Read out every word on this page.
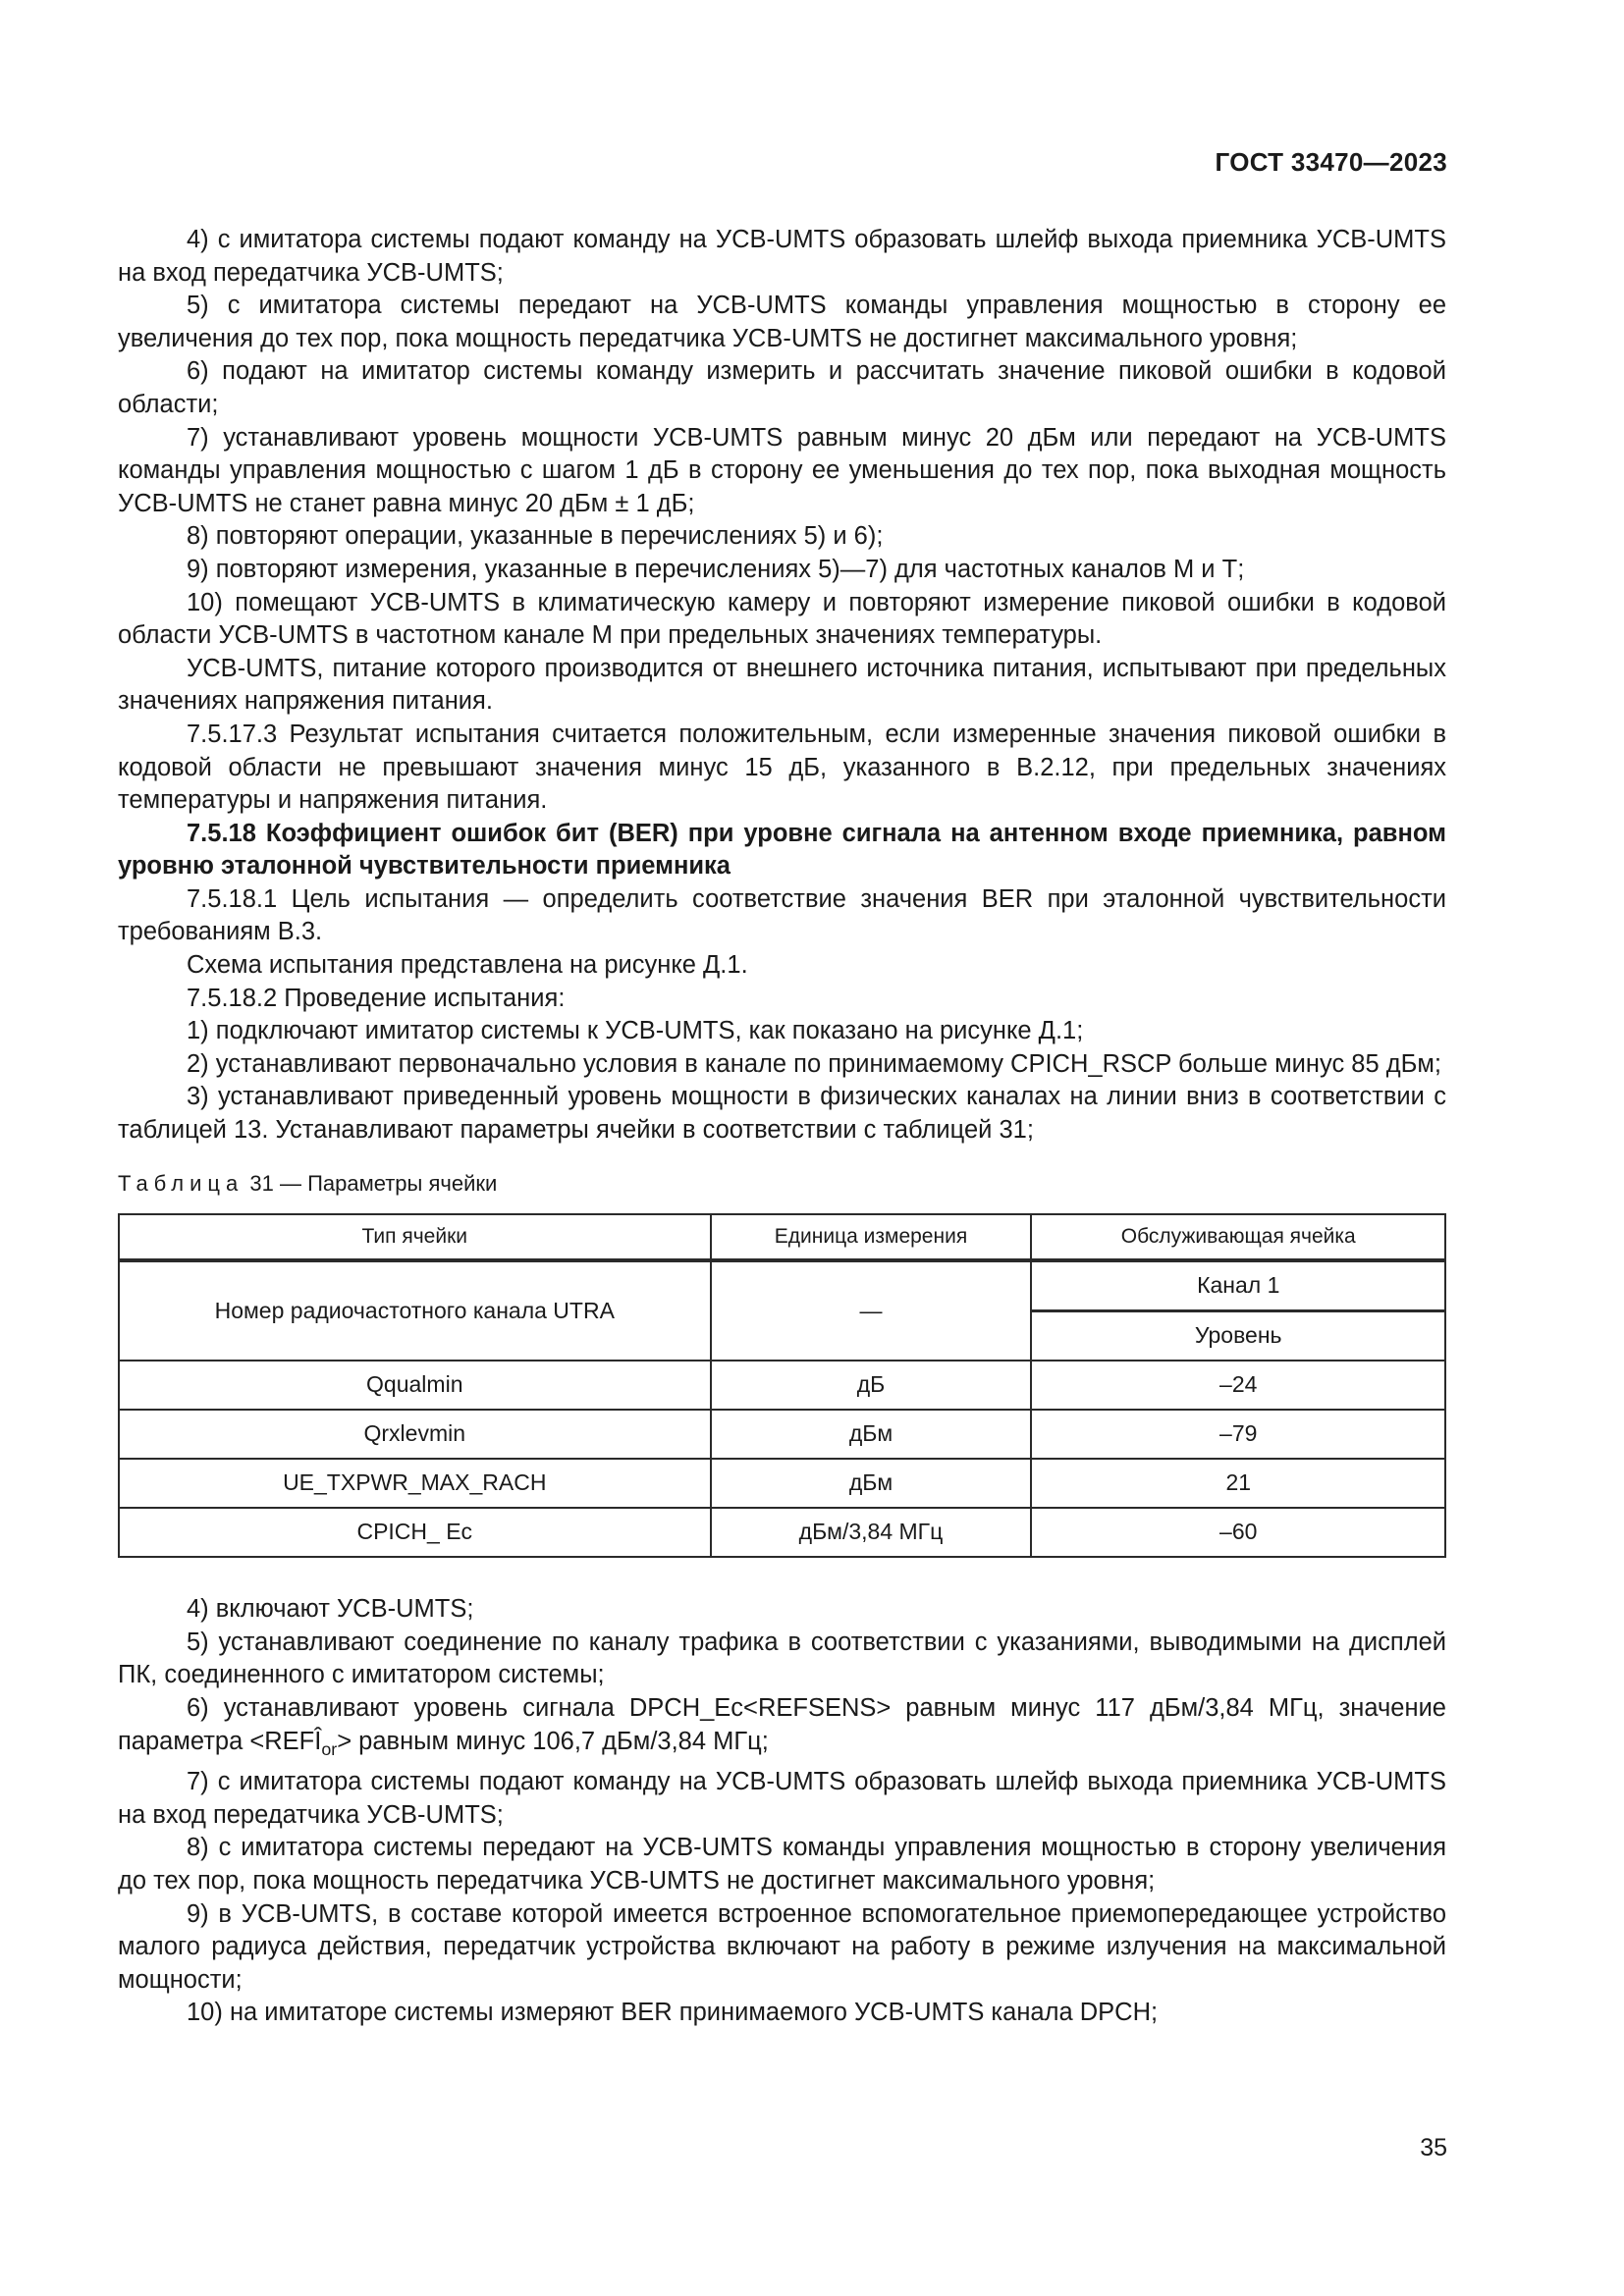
ГОСТ 33470—2023

4) с имитатора системы подают команду на УСВ-UMTS образовать шлейф выхода приемника УСВ-UMTS на вход передатчика УСВ-UMTS;

5) с имитатора системы передают на УСВ-UMTS команды управления мощностью в сторону ее увеличения до тех пор, пока мощность передатчика УСВ-UMTS не достигнет максимального уровня;

6) подают на имитатор системы команду измерить и рассчитать значение пиковой ошибки в кодовой области;

7) устанавливают уровень мощности УСВ-UMTS равным минус 20 дБм или передают на УСВ-UMTS команды управления мощностью с шагом 1 дБ в сторону ее уменьшения до тех пор, пока выходная мощность УСВ-UMTS не станет равна минус 20 дБм ± 1 дБ;

8) повторяют операции, указанные в перечислениях 5) и 6);

9) повторяют измерения, указанные в перечислениях 5)—7) для частотных каналов М и Т;

10) помещают УСВ-UMTS в климатическую камеру и повторяют измерение пиковой ошибки в кодовой области УСВ-UMTS в частотном канале М при предельных значениях температуры.

УСВ-UMTS, питание которого производится от внешнего источника питания, испытывают при предельных значениях напряжения питания.

7.5.17.3 Результат испытания считается положительным, если измеренные значения пиковой ошибки в кодовой области не превышают значения минус 15 дБ, указанного в В.2.12, при предельных значениях температуры и напряжения питания.

7.5.18 Коэффициент ошибок бит (BER) при уровне сигнала на антенном входе приемника, равном уровню эталонной чувствительности приемника

7.5.18.1 Цель испытания — определить соответствие значения BER при эталонной чувствительности требованиям В.3.

Схема испытания представлена на рисунке Д.1.

7.5.18.2 Проведение испытания:

1) подключают имитатор системы к УСВ-UMTS, как показано на рисунке Д.1;

2) устанавливают первоначально условия в канале по принимаемому CPICH_RSCP больше минус 85 дБм;

3) устанавливают приведенный уровень мощности в физических каналах на линии вниз в соответствии с таблицей 13. Устанавливают параметры ячейки в соответствии с таблицей 31;

Таблица 31 — Параметры ячейки
Тип ячейки	Единица измерения	Обслуживающая ячейка
Номер радиочастотного канала UTRA	—	Канал 1
		Уровень
Qqualmin	дБ	–24
Qrxlevmin	дБм	–79
UE_TXPWR_MAX_RACH	дБм	21
CPICH_ Ec	дБм/3,84 МГц	–60

4) включают УСВ-UMTS;

5) устанавливают соединение по каналу трафика в соответствии с указаниями, выводимыми на дисплей ПК, соединенного с имитатором системы;

6) устанавливают уровень сигнала DPCH_Ec<REFSENS> равным минус 117 дБм/3,84 МГц, значение параметра $<REFÎ_{or}>$ равным минус 106,7 дБм/3,84 МГц;

7) с имитатора системы подают команду на УСВ-UMTS образовать шлейф выхода приемника УСВ-UMTS на вход передатчика УСВ-UMTS;

8) с имитатора системы передают на УСВ-UMTS команды управления мощностью в сторону увеличения до тех пор, пока мощность передатчика УСВ-UMTS не достигнет максимального уровня;

9) в УСВ-UMTS, в составе которой имеется встроенное вспомогательное приемопередающее устройство малого радиуса действия, передатчик устройства включают на работу в режиме излучения на максимальной мощности;

10) на имитаторе системы измеряют BER принимаемого УСВ-UMTS канала DPCH;

35
